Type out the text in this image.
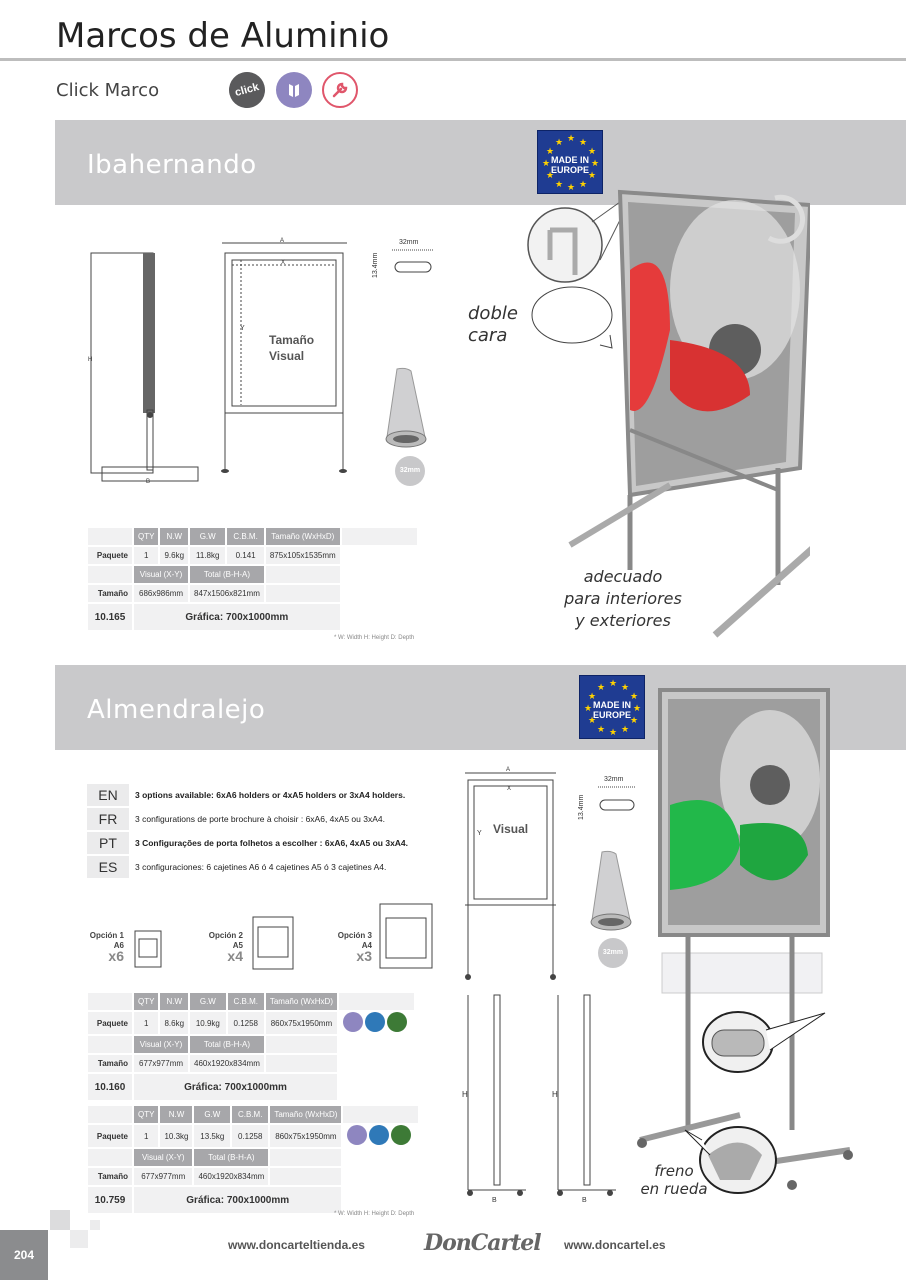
Marcos de Aluminio
Click Marco	click
Ibahernando
★ ★
★
★
★
★
★
★
★
★
★
★
MADE IN EUROPE
H
B
A
X
Y
Tamaño
Visual
32mm
13.4mm
32mm
doble
cara
adecuado
para interiores
y exteriores
	QTY	N.W	G.W	C.B.M.	Tamaño (WxHxD)	
Paquete	1	9.6kg	11.8kg	0.141	875x105x1535mm	
	Visual (X-Y)		Total (B-H-A)			
Tamaño	686x986mm		847x1506x821mm			
10.165	Gráfica: 700x1000mm					
* W: Width H: Height D: Depth
Almendralejo
★ ★
★
★
★
★
★
★
★
★
★
★
MADE IN EUROPE
EN	3 options available: 6xA6 holders or 4xA5 holders or 3xA4 holders.
FR	3 configurations de porte brochure à choisir : 6xA6, 4xA5 ou 3xA4.
PT	3 Configurações de porta folhetos a escolher : 6xA6, 4xA5 ou 3xA4.
ES	3 configuraciones: 6 cajetines A6 ó 4 cajetines A5 ó 3 cajetines A4.
Opción 1
A6
x6
Opción 2
A5
x4
Opción 3
A4
x3
	QTY	N.W	G.W	C.B.M.	Tamaño (WxHxD)	
Paquete	1	8.6kg	10.9kg	0.1258	860x75x1950mm	
	Visual (X-Y)		Total (B-H-A)			
Tamaño	677x977mm		460x1920x834mm			
10.160	Gráfica: 700x1000mm					
	QTY	N.W	G.W	C.B.M.	Tamaño (WxHxD)	
Paquete	1	10.3kg	13.5kg	0.1258	860x75x1950mm	
	Visual (X-Y)		Total (B-H-A)			
Tamaño	677x977mm		460x1920x834mm			
10.759	Gráfica: 700x1000mm					
* W: Width H: Height D: Depth
A
X
Y Visual
32mm
13.4mm
H	H
B	B
32mm
freno
en rueda
204
www.doncarteltienda.es	DonCartel www.doncartel.es
